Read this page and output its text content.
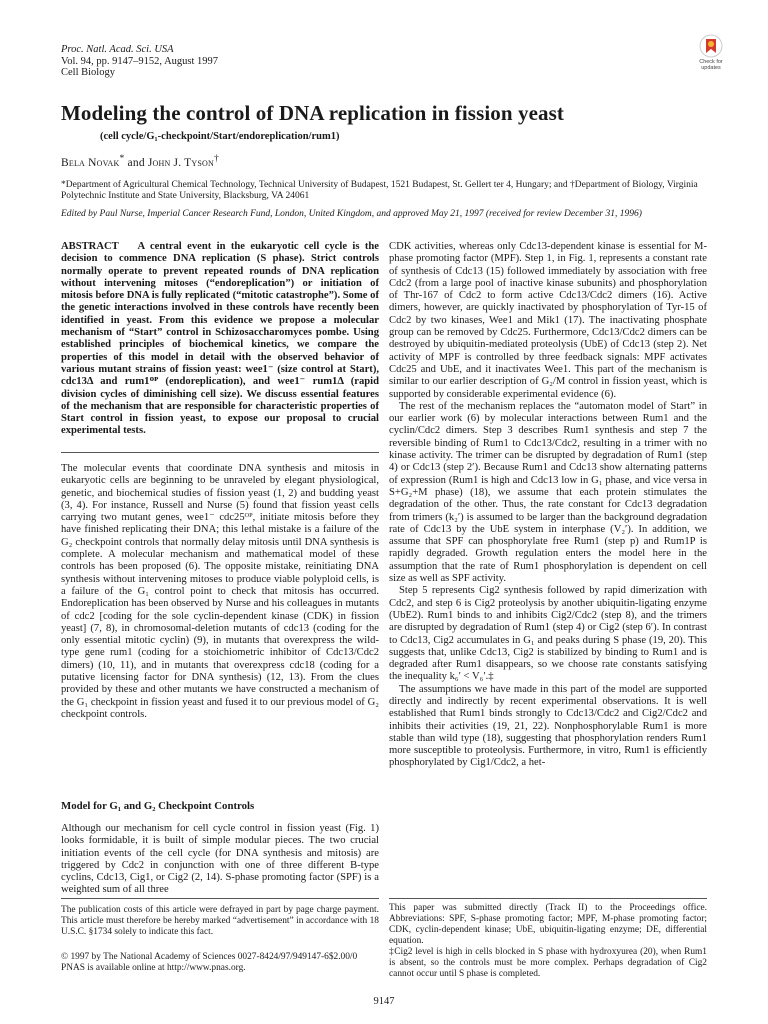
Proc. Natl. Acad. Sci. USA
Vol. 94, pp. 9147–9152, August 1997
Cell Biology
Check for
updates
Modeling the control of DNA replication in fission yeast
(cell cycle/G₁-checkpoint/Start/endoreplication/rum1)
Bela Novak* and John J. Tyson†
*Department of Agricultural Chemical Technology, Technical University of Budapest, 1521 Budapest, St. Gellert ter 4, Hungary; and †Department of Biology, Virginia Polytechnic Institute and State University, Blacksburg, VA 24061
Edited by Paul Nurse, Imperial Cancer Research Fund, London, United Kingdom, and approved May 21, 1997 (received for review December 31, 1996)

ABSTRACT A central event in the eukaryotic cell cycle is the decision to commence DNA replication (S phase). Strict controls normally operate to prevent repeated rounds of DNA replication without intervening mitoses (“endoreplication”) or initiation of mitosis before DNA is fully replicated (“mitotic catastrophe”). Some of the genetic interactions involved in these controls have recently been identified in yeast. From this evidence we propose a molecular mechanism of “Start” control in Schizosaccharomyces pombe. Using established principles of biochemical kinetics, we compare the properties of this model in detail with the observed behavior of various mutant strains of fission yeast: wee1⁻ (size control at Start), cdc13Δ and rum1ᴼᴾ (endoreplication), and wee1⁻ rum1Δ (rapid division cycles of diminishing cell size). We discuss essential features of the mechanism that are responsible for characteristic properties of Start control in fission yeast, to expose our proposal to crucial experimental tests.

The molecular events that coordinate DNA synthesis and mitosis in eukaryotic cells are beginning to be unraveled by elegant physiological, genetic, and biochemical studies of fission yeast (1, 2) and budding yeast (3, 4). For instance, Russell and Nurse (5) found that fission yeast cells carrying two mutant genes, wee1⁻ cdc25ᴼᴾ, initiate mitosis before they have finished replicating their DNA; this lethal mistake is a failure of the G₂ checkpoint controls that normally delay mitosis until DNA synthesis is complete. A molecular mechanism and mathematical model of these controls has been proposed (6). The opposite mistake, reinitiating DNA synthesis without intervening mitoses to produce viable polyploid cells, is a failure of the G₁ control point to check that mitosis has occurred. Endoreplication has been observed by Nurse and his colleagues in mutants of cdc2 [coding for the sole cyclin-dependent kinase (CDK) in fission yeast] (7, 8), in chromosomal-deletion mutants of cdc13 (coding for the only essential mitotic cyclin) (9), in mutants that overexpress the wild-type gene rum1 (coding for a stoichiometric inhibitor of Cdc13/Cdc2 dimers) (10, 11), and in mutants that overexpress cdc18 (coding for a putative licensing factor for DNA synthesis) (12, 13). From the clues provided by these and other mutants we have constructed a mechanism of the G₁ checkpoint in fission yeast and fused it to our previous model of G₂ checkpoint controls.

Model for G₁ and G₂ Checkpoint Controls

Although our mechanism for cell cycle control in fission yeast (Fig. 1) looks formidable, it is built of simple modular pieces. The two crucial initiation events of the cell cycle (for DNA synthesis and mitosis) are triggered by Cdc2 in conjunction with one of three different B-type cyclins, Cdc13, Cig1, or Cig2 (2, 14). S-phase promoting factor (SPF) is a weighted sum of all three

CDK activities, whereas only Cdc13-dependent kinase is essential for M-phase promoting factor (MPF). Step 1, in Fig. 1, represents a constant rate of synthesis of Cdc13 (15) followed immediately by association with free Cdc2 (from a large pool of inactive kinase subunits) and phosphorylation of Thr-167 of Cdc2 to form active Cdc13/Cdc2 dimers (16). Active dimers, however, are quickly inactivated by phosphorylation of Tyr-15 of Cdc2 by two kinases, Wee1 and Mik1 (17). The inactivating phosphate group can be removed by Cdc25. Furthermore, Cdc13/Cdc2 dimers can be destroyed by ubiquitin-mediated proteolysis (UbE) of Cdc13 (step 2). Net activity of MPF is controlled by three feedback signals: MPF activates Cdc25 and UbE, and it inactivates Wee1. This part of the mechanism is similar to our earlier description of G₂/M control in fission yeast, which is supported by considerable experimental evidence (6).

The rest of the mechanism replaces the “automaton model of Start” in our earlier work (6) by molecular interactions between Rum1 and the cyclin/Cdc2 dimers. Step 3 describes Rum1 synthesis and step 7 the reversible binding of Rum1 to Cdc13/Cdc2, resulting in a trimer with no kinase activity. The trimer can be disrupted by degradation of Rum1 (step 4) or Cdc13 (step 2′). Because Rum1 and Cdc13 show alternating patterns of expression (Rum1 is high and Cdc13 low in G₁ phase, and vice versa in S+G₂+M phase) (18), we assume that each protein stimulates the degradation of the other. Thus, the rate constant for Cdc13 degradation from trimers (k₂′) is assumed to be larger than the background degradation rate of Cdc13 by the UbE system in interphase (V₂′). In addition, we assume that SPF can phosphorylate free Rum1 (step p) and Rum1P is rapidly degraded. Growth regulation enters the model here in the assumption that the rate of Rum1 phosphorylation is dependent on cell size as well as SPF activity.

Step 5 represents Cig2 synthesis followed by rapid dimerization with Cdc2, and step 6 is Cig2 proteolysis by another ubiquitin-ligating enzyme (UbE2). Rum1 binds to and inhibits Cig2/Cdc2 (step 8), and the trimers are disrupted by degradation of Rum1 (step 4) or Cig2 (step 6′). In contrast to Cdc13, Cig2 accumulates in G₁ and peaks during S phase (19, 20). This suggests that, unlike Cdc13, Cig2 is stabilized by binding to Rum1 and is degraded after Rum1 disappears, so we choose rate constants satisfying the inequality k₆′ < V₆′.‡

The assumptions we have made in this part of the model are supported directly and indirectly by recent experimental observations. It is well established that Rum1 binds strongly to Cdc13/Cdc2 and Cig2/Cdc2 and inhibits their activities (19, 21, 22). Nonphosphorylable Rum1 is more stable than wild type (18), suggesting that phosphorylation renders Rum1 more susceptible to proteolysis. Furthermore, in vitro, Rum1 is efficiently phosphorylated by Cig1/Cdc2, a het-

The publication costs of this article were defrayed in part by page charge payment. This article must therefore be hereby marked “advertisement” in accordance with 18 U.S.C. §1734 solely to indicate this fact.
© 1997 by The National Academy of Sciences 0027-8424/97/949147-6$2.00/0
PNAS is available online at http://www.pnas.org.
This paper was submitted directly (Track II) to the Proceedings office. Abbreviations: SPF, S-phase promoting factor; MPF, M-phase promoting factor; CDK, cyclin-dependent kinase; UbE, ubiquitin-ligating enzyme; DE, differential equation.
‡Cig2 level is high in cells blocked in S phase with hydroxyurea (20), when Rum1 is absent, so the controls must be more complex. Perhaps degradation of Cig2 cannot occur until S phase is completed.
9147
